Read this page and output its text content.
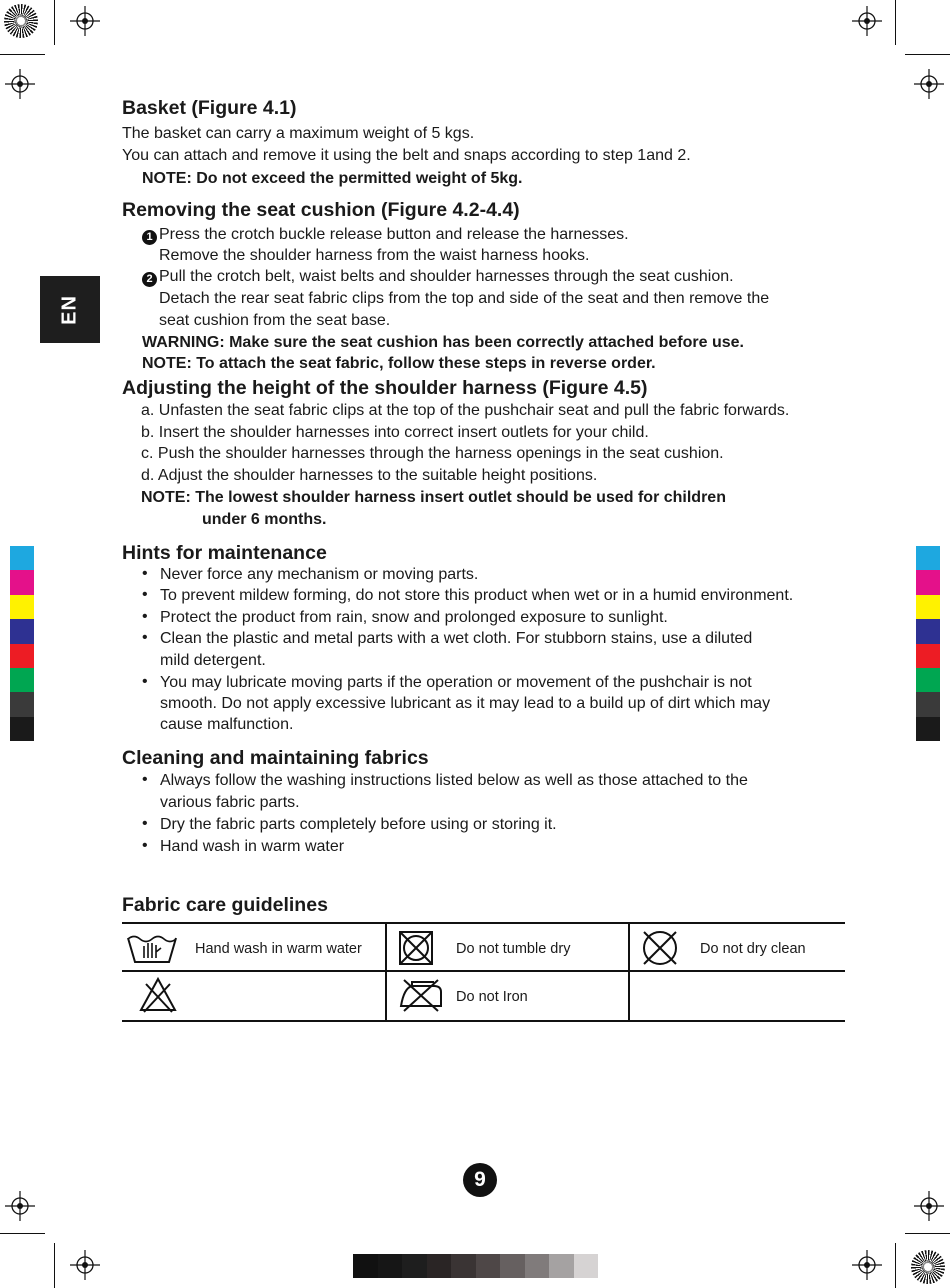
EN
Basket (Figure 4.1)
The basket can carry a maximum weight of 5 kgs.
You can attach and remove it using the belt and snaps according to step 1and 2.
NOTE: Do not exceed the permitted weight of 5kg.
Removing the seat cushion (Figure 4.2-4.4)
1 Press the crotch buckle release button and release the harnesses.
Remove the shoulder harness from the waist harness hooks.
2 Pull the crotch belt, waist belts and shoulder harnesses through the seat cushion.
Detach the rear seat fabric clips from the top and side of the seat and then remove the
seat cushion from the seat base.
WARNING: Make sure the seat cushion has been correctly attached before use.
NOTE: To attach the seat fabric, follow these steps in reverse order.
Adjusting the height of the shoulder harness (Figure 4.5)
a. Unfasten the seat fabric clips at the top of the pushchair seat and pull the fabric forwards.
b. Insert the shoulder harnesses into correct insert outlets for your child.
c. Push the shoulder harnesses through the harness openings in the seat cushion.
d. Adjust the shoulder harnesses to the suitable height positions.
NOTE: The lowest shoulder harness insert outlet should be used for children
under 6 months.
Hints for maintenance
• Never force any mechanism or moving parts.
• To prevent mildew forming, do not store this product when wet or in a humid environment.
• Protect the product from rain, snow and prolonged exposure to sunlight.
• Clean the plastic and metal parts with a wet cloth. For stubborn stains, use a diluted
mild detergent.
• You may lubricate moving parts if the operation or movement of the pushchair is not
smooth. Do not apply excessive lubricant as it may lead to a build up of dirt which may
cause malfunction.
Cleaning and maintaining fabrics
• Always follow the washing instructions listed below as well as those attached to the
various fabric parts.
• Dry the fabric parts completely before using or storing it.
• Hand wash in warm water
Fabric care guidelines
Hand wash in warm water	Do not tumble dry	Do not dry clean
Do not Iron
9
